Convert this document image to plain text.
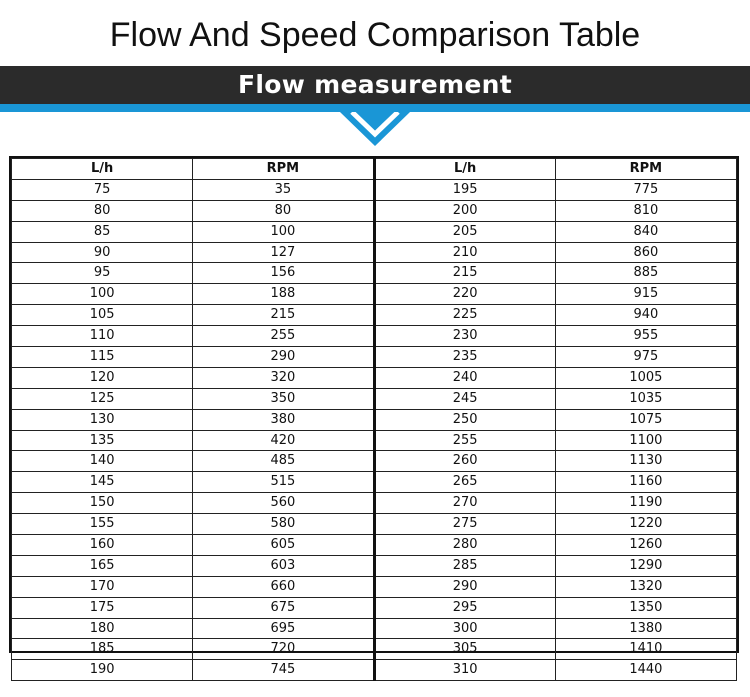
Flow And Speed Comparison Table
Flow measurement
L/h	RPM	L/h	RPM
75	35	195	775
80	80	200	810
85	100	205	840
90	127	210	860
95	156	215	885
100	188	220	915
105	215	225	940
110	255	230	955
115	290	235	975
120	320	240	1005
125	350	245	1035
130	380	250	1075
135	420	255	1100
140	485	260	1130
145	515	265	1160
150	560	270	1190
155	580	275	1220
160	605	280	1260
165	603	285	1290
170	660	290	1320
175	675	295	1350
180	695	300	1380
185	720	305	1410
190	745	310	1440
